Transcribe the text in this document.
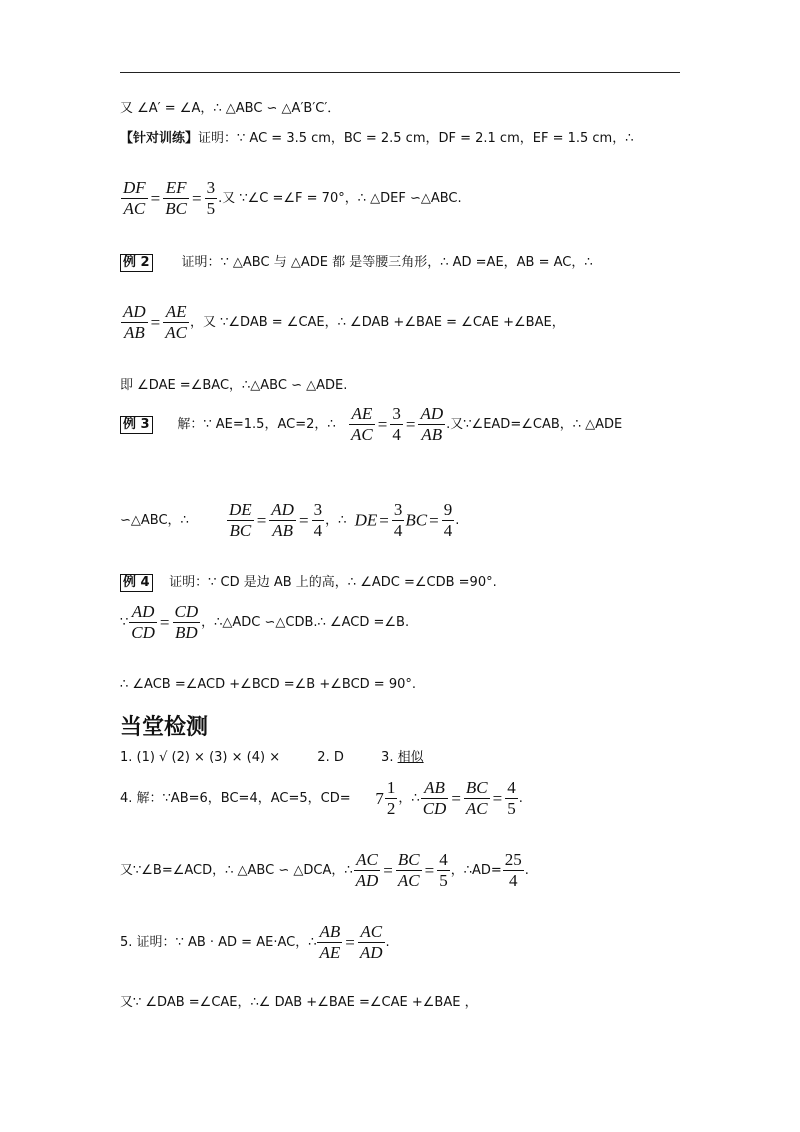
又 ∠A′ = ∠A，∴ △ABC ∽ △A′B′C′．
【针对训练】证明：∵ AC = 3.5 cm，BC = 2.5 cm，DF = 2.1 cm，EF = 1.5 cm，∴
$\frac{DF}{AC} = \frac{EF}{BC} = \frac{3}{5}$ .又 ∵∠C =∠F = 70°，∴ △DEF ∽△ABC.
例 2 证明：∵ △ABC 与 △ADE 都 是等腰三角形，∴ AD =AE，AB = AC，∴
$\frac{AD}{AB} = \frac{AE}{AC}$ ，又 ∵∠DAB = ∠CAE，∴ ∠DAB +∠BAE = ∠CAE +∠BAE，
即 ∠DAE =∠BAC，∴△ABC ∽ △ADE.
例 3 解：∵ AE=1.5，AC=2，∴ $\frac{AE}{AC} = \frac{3}{4} = \frac{AD}{AB}$ .又∵∠EAD=∠CAB，∴ △ADE
∽△ABC，∴ $\frac{DE}{BC} = \frac{AD}{AB} = \frac{3}{4}$ ，∴ DE = $\frac{3}{4}$ BC = $\frac{9}{4}$ .
例 4 证明：∵ CD 是边 AB 上的高，∴ ∠ADC =∠CDB =90°.
∵ $\frac{AD}{CD} = \frac{CD}{BD}$ ，∴△ADC ∽△CDB.∴ ∠ACD =∠B.
∴ ∠ACB =∠ACD +∠BCD =∠B +∠BCD = 90°.
当堂检测
1. (1) √ (2) × (3) × (4) ×	2. D	3. 相似
4. 解：∵AB=6，BC=4，AC=5，$CD= 7 \frac{1}{2}$ ，∴ $\frac{AB}{CD} = \frac{BC}{AC} = \frac{4}{5}$ .
又∵∠B=∠ACD，∴ △ABC ∽ △DCA，∴ $\frac{AC}{AD} = \frac{BC}{AC} = \frac{4}{5}$ ，∴AD= $\frac{25}{4}$ .
5. 证明：∵ AB · AD = AE·AC，∴ $\frac{AB}{AE} = \frac{AC}{AD}$ .
又∵ ∠DAB =∠CAE，∴∠ DAB +∠BAE =∠CAE +∠BAE ，
